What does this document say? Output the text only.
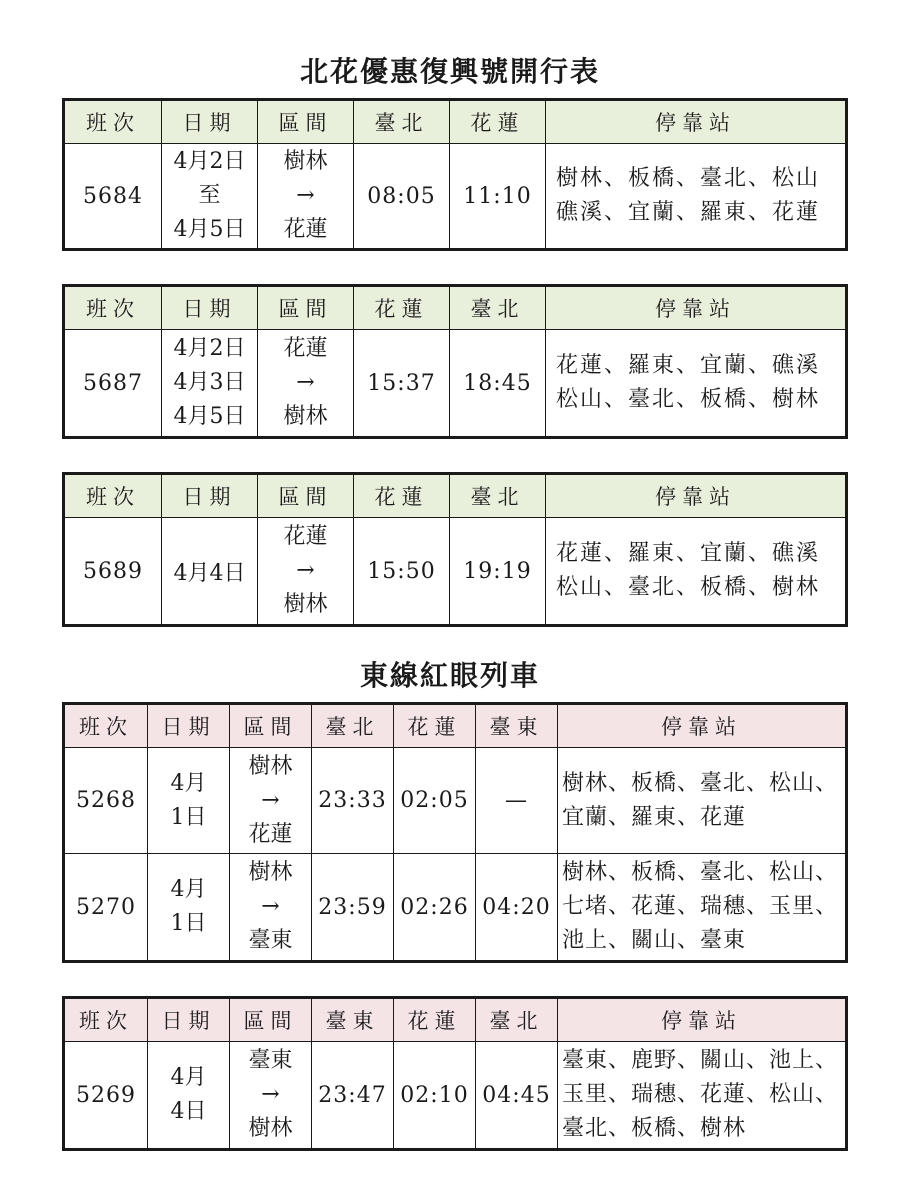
北花優惠復興號開行表
班次	日期	區間	臺北	花蓮	停靠站
5684	4月2日
至
4月5日	樹林
→
花蓮	08:05	11:10	樹林、板橋、臺北、松山
礁溪、宜蘭、羅東、花蓮
班次	日期	區間	花蓮	臺北	停靠站
5687	4月2日
4月3日
4月5日	花蓮
→
樹林	15:37	18:45	花蓮、羅東、宜蘭、礁溪
松山、臺北、板橋、樹林
班次	日期	區間	花蓮	臺北	停靠站
5689	4月4日	花蓮
→
樹林	15:50	19:19	花蓮、羅東、宜蘭、礁溪
松山、臺北、板橋、樹林
東線紅眼列車
班次	日期	區間	臺北	花蓮	臺東	停靠站
5268	4月
1日	樹林
→
花蓮	23:33	02:05	—	樹林、板橋、臺北、松山、
宜蘭、羅東、花蓮

5270	4月
1日	樹林
→
臺東	23:59	02:26	04:20	樹林、板橋、臺北、松山、
七堵、花蓮、瑞穗、玉里、
池上、關山、臺東
班次	日期	區間	臺東	花蓮	臺北	停靠站
5269	4月
4日	臺東
→
樹林	23:47	02:10	04:45	臺東、鹿野、關山、池上、
玉里、瑞穗、花蓮、松山、
臺北、板橋、樹林
